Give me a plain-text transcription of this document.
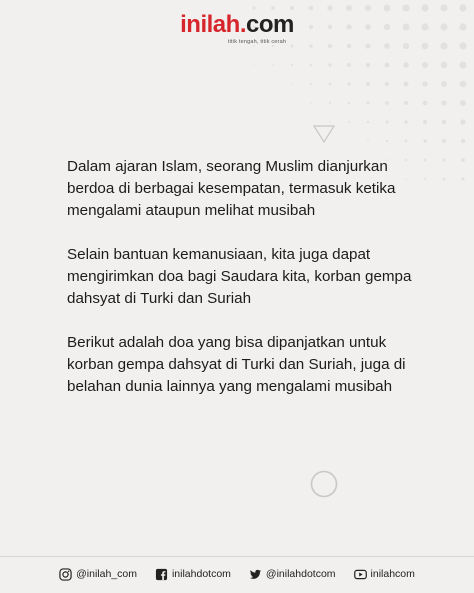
inilah.com
titik tengah, titik cerah

Dalam ajaran Islam, seorang Muslim dianjurkan berdoa di berbagai kesempatan, termasuk ketika mengalami ataupun melihat musibah

Selain bantuan kemanusiaan, kita juga dapat mengirimkan doa bagi Saudara kita, korban gempa dahsyat di Turki dan Suriah

Berikut adalah doa yang bisa dipanjatkan untuk korban gempa dahsyat di Turki dan Suriah, juga di belahan dunia lainnya yang mengalami musibah

@inilah_com	inilahdotcom	@inilahdotcom	inilahcom
